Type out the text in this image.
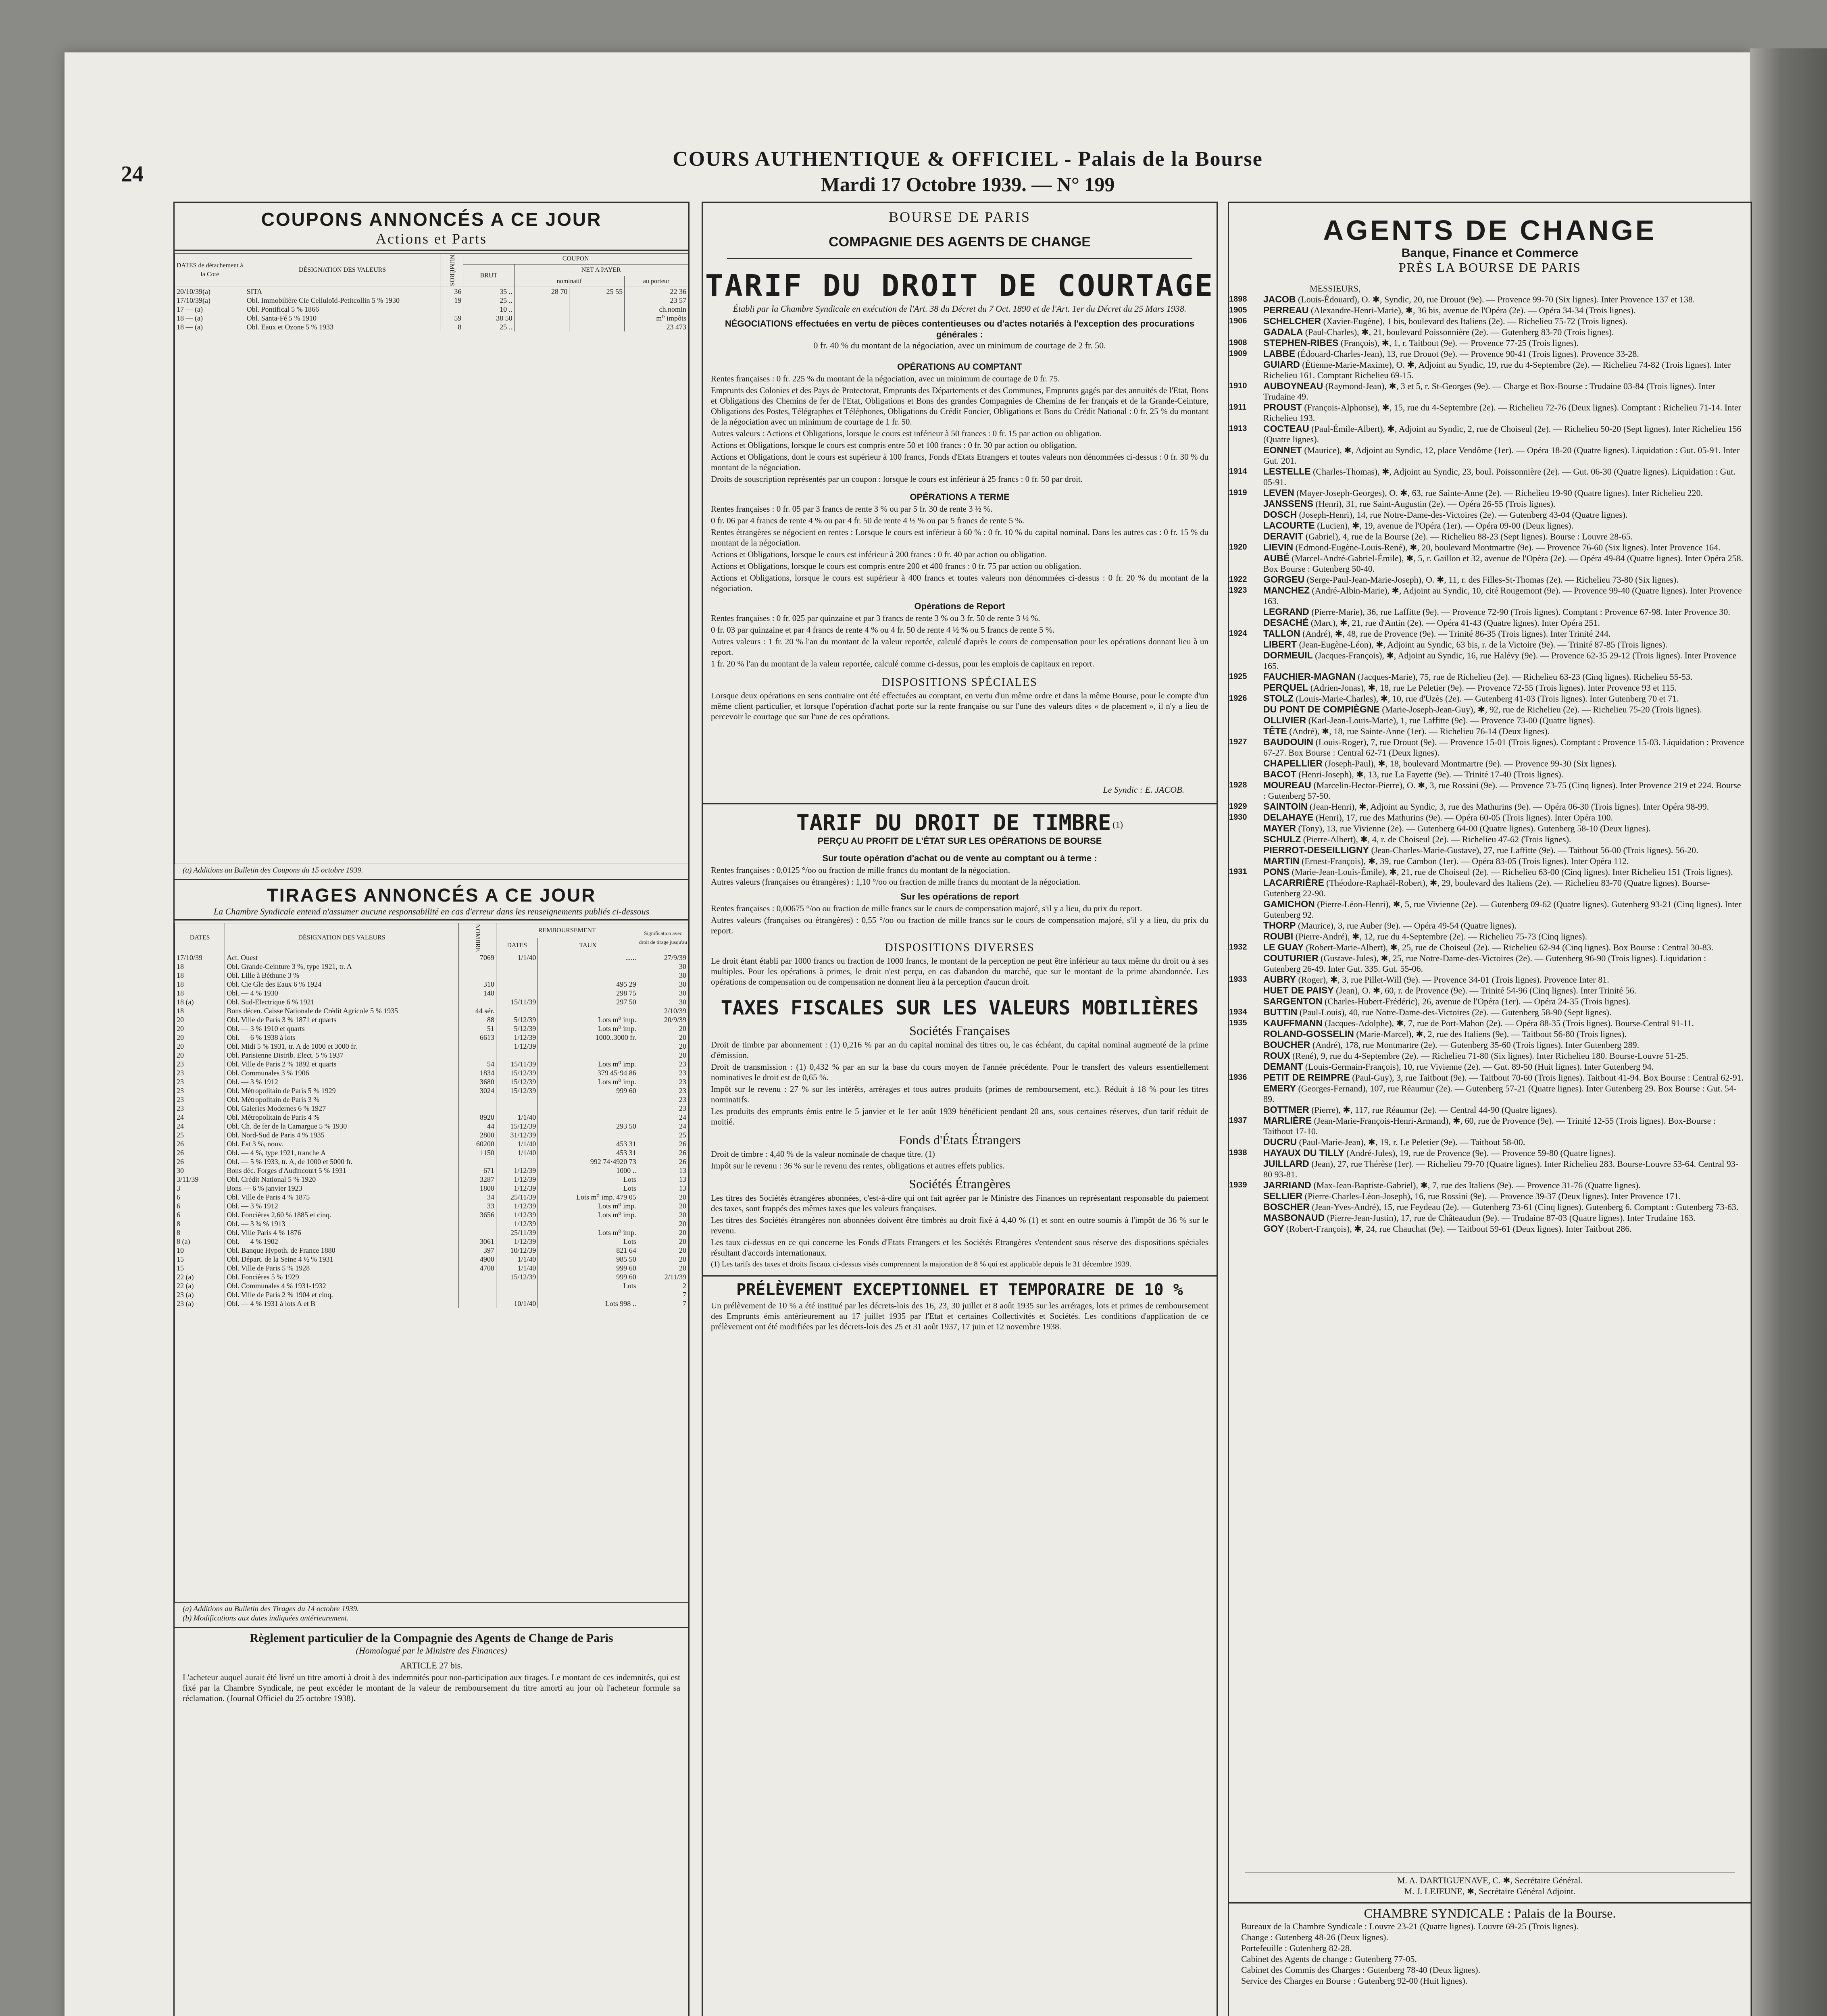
24
COURS AUTHENTIQUE & OFFICIEL - Palais de la Bourse
Mardi 17 Octobre 1939. — N° 199
COUPONS ANNONCÉS A CE JOUR
Actions et Parts
DATES de détachement à la Cote	DÉSIGNATION DES VALEURS	NUMÉROS	COUPON			
			BRUT	NET A PAYER		
				nominatif		au porteur
20/10/39(a)	SITA	36	35 ..	28 70	25 55	22 36
17/10/39(a)	Obl. Immobilière Cie Celluloïd-Petitcollin 5 % 1930	19	25 ..			23 57
17 — (a)	Obl. Pontifical 5 % 1866		10 ..			ch.nomin
18 — (a)	Obl. Santa-Fé 5 % 1910	59	38 50			m⁰ impôts
18 — (a)	Obl. Eaux et Ozone 5 % 1933	8	25 ..			23 473
(a) Additions au Bulletin des Coupons du 15 octobre 1939.
TIRAGES ANNONCÉS A CE JOUR
La Chambre Syndicale entend n'assumer aucune responsabilité en cas d'erreur dans les renseignements publiés ci-dessous
DATES	DÉSIGNATION DES VALEURS	NOMBRE	REMBOURSEMENT		Signification avec droit de tirage jusqu'au
			DATES	TAUX	
17/10/39	Act. Ouest	7069	1/1/40	......	27/9/39
18	Obl. Grande-Ceinture 3 %, type 1921, tr. A				30
18	Obl. Lille à Béthune 3 %				30
18	Obl. Cie Gle des Eaux 6 % 1924	310		495 29	30
18	Obl. — 4 % 1930	140		298 75	30
18 (a)	Obl. Sud-Electrique 6 % 1921		15/11/39	297 50	30
18	Bons décen. Caisse Nationale de Crédit Agricole 5 % 1935	44 sér.			2/10/39
20	Obl. Ville de Paris 3 % 1871 et quarts	88	5/12/39	Lots m⁰ imp.	20/9/39
20	Obl. — 3 % 1910 et quarts	51	5/12/39	Lots m⁰ imp.	20
20	Obl. — 6 % 1938 à lots	6613	1/12/39	1000..3000 fr.	20
20	Obl. Midi 5 % 1931, tr. A de 1000 et 3000 fr.		1/12/39		20
20	Obl. Parisienne Distrib. Elect. 5 % 1937				20
23	Obl. Ville de Paris 2 % 1892 et quarts	54	15/11/39	Lots m⁰ imp.	23
23	Obl. Communales 3 % 1906	1834	15/12/39	379 45·94 86	23
23	Obl. — 3 % 1912	3680	15/12/39	Lots m⁰ imp.	23
23	Obl. Métropolitain de Paris 5 % 1929	3024	15/12/39	999 60	23
23	Obl. Métropolitain de Paris 3 %				23
23	Obl. Galeries Modernes 6 % 1927				23
24	Obl. Métropolitain de Paris 4 %	8920	1/1/40		24
24	Obl. Ch. de fer de la Camargue 5 % 1930	44	15/12/39	293 50	24
25	Obl. Nord-Sud de Paris 4 % 1935	2800	31/12/39		25
26	Obl. Est 3 %, nouv.	60200	1/1/40	453 31	26
26	Obl. — 4 %, type 1921, tranche A	1150	1/1/40	453 31	26
26	Obl. — 5 % 1933, tr. A, de 1000 et 5000 fr.			992 74·4920 73	26
30	Bons déc. Forges d'Audincourt 5 % 1931	671	1/12/39	1000 ..	13
3/11/39	Obl. Crédit National 5 % 1920	3287	1/12/39	Lots	13
3	Bons — 6 % janvier 1923	1800	1/12/39	Lots	13
6	Obl. Ville de Paris 4 % 1875	34	25/11/39	Lots m⁰ imp. 479 05	20
6	Obl. — 3 % 1912	33	1/12/39	Lots m⁰ imp.	20
6	Obl. Foncières 2,60 % 1885 et cinq.	3656	1/12/39	Lots m⁰ imp.	20
8	Obl. — 3 ¾ % 1913		1/12/39		20
8	Obl. Ville Paris 4 % 1876		25/11/39	Lots m⁰ imp.	20
8 (a)	Obl. — 4 % 1902	3061	1/12/39	Lots	20
10	Obl. Banque Hypoth. de France 1880	397	10/12/39	821 64	20
15	Obl. Départ. de la Seine 4 ½ % 1931	4900	1/1/40	985 50	20
15	Obl. Ville de Paris 5 % 1928	4700	1/1/40	999 60	20
22 (a)	Obl. Foncières 5 % 1929		15/12/39	999 60	2/11/39
22 (a)	Obl. Communales 4 % 1931-1932			Lots	2
23 (a)	Obl. Ville de Paris 2 % 1904 et cinq.				7
23 (a)	Obl. — 4 % 1931 à lots A et B		10/1/40	Lots 998 ..	7
(a) Additions au Bulletin des Tirages du 14 octobre 1939.
(b) Modifications aux dates indiquées antérieurement.
Règlement particulier de la Compagnie des Agents de Change de Paris
(Homologué par le Ministre des Finances)
ARTICLE 27 bis.
L'acheteur auquel aurait été livré un titre amorti à droit à des indemnités pour non-participation aux tirages. Le montant de ces indemnités, qui est fixé par la Chambre Syndicale, ne peut excéder le montant de la valeur de remboursement du titre amorti au jour où l'acheteur formule sa réclamation. (Journal Officiel du 25 octobre 1938).
BOURSE DE PARIS
COMPAGNIE DES AGENTS DE CHANGE
TARIF DU DROIT DE COURTAGE
Établi par la Chambre Syndicale en exécution de l'Art. 38 du Décret du 7 Oct. 1890 et de l'Art. 1er du Décret du 25 Mars 1938.
NÉGOCIATIONS effectuées en vertu de pièces contentieuses ou d'actes notariés à l'exception des procurations générales :
0 fr. 40 % du montant de la négociation, avec un minimum de courtage de 2 fr. 50.
OPÉRATIONS AU COMPTANT
Rentes françaises : 0 fr. 225 % du montant de la négociation, avec un minimum de courtage de 0 fr. 75.
Emprunts des Colonies et des Pays de Protectorat, Emprunts des Départements et des Communes, Emprunts gagés par des annuités de l'Etat, Bons et Obligations des Chemins de fer de l'Etat, Obligations et Bons des grandes Compagnies de Chemins de fer français et de la Grande-Ceinture, Obligations des Postes, Télégraphes et Téléphones, Obligations du Crédit Foncier, Obligations et Bons du Crédit National : 0 fr. 25 % du montant de la négociation avec un minimum de courtage de 1 fr. 50.
Autres valeurs : Actions et Obligations, lorsque le cours est inférieur à 50 frances : 0 fr. 15 par action ou obligation.
Actions et Obligations, lorsque le cours est compris entre 50 et 100 francs : 0 fr. 30 par action ou obligation.
Actions et Obligations, dont le cours est supérieur à 100 francs, Fonds d'Etats Etrangers et toutes valeurs non dénommées ci-dessus : 0 fr. 30 % du montant de la négociation.
Droits de souscription représentés par un coupon : lorsque le cours est inférieur à 25 francs : 0 fr. 50 par droit.
OPÉRATIONS A TERME
Rentes françaises : 0 fr. 05 par 3 francs de rente 3 % ou par 5 fr. 30 de rente 3 ½ %.
0 fr. 06 par 4 francs de rente 4 % ou par 4 fr. 50 de rente 4 ½ % ou par 5 francs de rente 5 %.
Rentes étrangères se négocient en rentes : Lorsque le cours est inférieur à 60 % : 0 fr. 10 % du capital nominal. Dans les autres cas : 0 fr. 15 % du montant de la négociation.
Actions et Obligations, lorsque le cours est inférieur à 200 francs : 0 fr. 40 par action ou obligation.
Actions et Obligations, lorsque le cours est compris entre 200 et 400 francs : 0 fr. 75 par action ou obligation.
Actions et Obligations, lorsque le cours est supérieur à 400 francs et toutes valeurs non dénommées ci-dessus : 0 fr. 20 % du montant de la négociation.
Opérations de Report
Rentes françaises : 0 fr. 025 par quinzaine et par 3 francs de rente 3 % ou 3 fr. 50 de rente 3 ½ %.
0 fr. 03 par quinzaine et par 4 francs de rente 4 % ou 4 fr. 50 de rente 4 ½ % ou 5 francs de rente 5 %.
Autres valeurs : 1 fr. 20 % l'an du montant de la valeur reportée, calculé d'après le cours de compensation pour les opérations donnant lieu à un report.
1 fr. 20 % l'an du montant de la valeur reportée, calculé comme ci-dessus, pour les emplois de capitaux en report.
DISPOSITIONS SPÉCIALES
Lorsque deux opérations en sens contraire ont été effectuées au comptant, en vertu d'un même ordre et dans la même Bourse, pour le compte d'un même client particulier, et lorsque l'opération d'achat porte sur la rente française ou sur l'une des valeurs dites « de placement », il n'y a lieu de percevoir le courtage que sur l'une de ces opérations.
Le Syndic : E. JACOB.
TARIF DU DROIT DE TIMBRE $^{(1)}$
PERÇU AU PROFIT DE L'ÉTAT SUR LES OPÉRATIONS DE BOURSE
Sur toute opération d'achat ou de vente au comptant ou à terme :
Rentes françaises : 0,0125 °/oo ou fraction de mille francs du montant de la négociation.
Autres valeurs (françaises ou étrangères) : 1,10 °/oo ou fraction de mille francs du montant de la négociation.
Sur les opérations de report
Rentes françaises : 0,00675 °/oo ou fraction de mille francs sur le cours de compensation majoré, s'il y a lieu, du prix du report.
Autres valeurs (françaises ou étrangères) : 0,55 °/oo ou fraction de mille francs sur le cours de compensation majoré, s'il y a lieu, du prix du report.
DISPOSITIONS DIVERSES
Le droit étant établi par 1000 francs ou fraction de 1000 francs, le montant de la perception ne peut être inférieur au taux même du droit ou à ses multiples. Pour les opérations à primes, le droit n'est perçu, en cas d'abandon du marché, que sur le montant de la prime abandonnée. Les opérations de compensation ou de compensation ne donnent lieu à la perception d'aucun droit.
TAXES FISCALES SUR LES VALEURS MOBILIÈRES
Sociétés Françaises
Droit de timbre par abonnement : (1) 0,216 % par an du capital nominal des titres ou, le cas échéant, du capital nominal augmenté de la prime d'émission.
Droit de transmission : (1) 0,432 % par an sur la base du cours moyen de l'année précédente. Pour le transfert des valeurs essentiellement nominatives le droit est de 0,65 %.
Impôt sur le revenu : 27 % sur les intérêts, arrérages et tous autres produits (primes de remboursement, etc.). Réduit à 18 % pour les titres nominatifs.
Les produits des emprunts émis entre le 5 janvier et le 1er août 1939 bénéficient pendant 20 ans, sous certaines réserves, d'un tarif réduit de moitié.
Fonds d'États Étrangers
Droit de timbre : 4,40 % de la valeur nominale de chaque titre. (1)
Impôt sur le revenu : 36 % sur le revenu des rentes, obligations et autres effets publics.
Sociétés Étrangères
Les titres des Sociétés étrangères abonnées, c'est-à-dire qui ont fait agréer par le Ministre des Finances un représentant responsable du paiement des taxes, sont frappés des mêmes taxes que les valeurs françaises.
Les titres des Sociétés étrangères non abonnées doivent être timbrés au droit fixé à 4,40 % (1) et sont en outre soumis à l'impôt de 36 % sur le revenu.
Les taux ci-dessus en ce qui concerne les Fonds d'Etats Etrangers et les Sociétés Etrangères s'entendent sous réserve des dispositions spéciales résultant d'accords internationaux.
(1) Les tarifs des taxes et droits fiscaux ci-dessus visés comprennent la majoration de 8 % qui est applicable depuis le 31 décembre 1939.
PRÉLÈVEMENT EXCEPTIONNEL ET TEMPORAIRE DE 10 %
Un prélèvement de 10 % a été institué par les décrets-lois des 16, 23, 30 juillet et 8 août 1935 sur les arrérages, lots et primes de remboursement des Emprunts émis antérieurement au 17 juillet 1935 par l'Etat et certaines Collectivités et Sociétés. Les conditions d'application de ce prélèvement ont été modifiées par les décrets-lois des 25 et 31 août 1937, 17 juin et 12 novembre 1938.
AGENTS DE CHANGE
Banque, Finance et Commerce
PRÈS LA BOURSE DE PARIS
MESSIEURS,
1898	JACOB (Louis-Édouard), O. ✱, Syndic, 20, rue Drouot (9e). — Provence 99-70 (Six lignes). Inter Provence 137 et 138.
1905	PERREAU (Alexandre-Henri-Marie), ✱, 36 bis, avenue de l'Opéra (2e). — Opéra 34-34 (Trois lignes).
1906	SCHELCHER (Xavier-Eugène), 1 bis, boulevard des Italiens (2e). — Richelieu 75-72 (Trois lignes).
GADALA (Paul-Charles), ✱, 21, boulevard Poissonnière (2e). — Gutenberg 83-70 (Trois lignes).
1908	STEPHEN-RIBES (François), ✱, 1, r. Taitbout (9e). — Provence 77-25 (Trois lignes).
1909	LABBE (Édouard-Charles-Jean), 13, rue Drouot (9e). — Provence 90-41 (Trois lignes). Provence 33-28.
GUIARD (Étienne-Marie-Maxime), O. ✱, Adjoint au Syndic, 19, rue du 4-Septembre (2e). — Richelieu 74-82 (Trois lignes). Inter Richelieu 161. Comptant Richelieu 69-15.
1910	AUBOYNEAU (Raymond-Jean), ✱, 3 et 5, r. St-Georges (9e). — Charge et Box-Bourse : Trudaine 03-84 (Trois lignes). Inter Trudaine 49.
1911	PROUST (François-Alphonse), ✱, 15, rue du 4-Septembre (2e). — Richelieu 72-76 (Deux lignes). Comptant : Richelieu 71-14. Inter Richelieu 193.
1913	COCTEAU (Paul-Émile-Albert), ✱, Adjoint au Syndic, 2, rue de Choiseul (2e). — Richelieu 50-20 (Sept lignes). Inter Richelieu 156 (Quatre lignes).
EONNET (Maurice), ✱, Adjoint au Syndic, 12, place Vendôme (1er). — Opéra 18-20 (Quatre lignes). Liquidation : Gut. 05-91. Inter Gut. 201.
1914	LESTELLE (Charles-Thomas), ✱, Adjoint au Syndic, 23, boul. Poissonnière (2e). — Gut. 06-30 (Quatre lignes). Liquidation : Gut. 05-91.
1919	LEVEN (Mayer-Joseph-Georges), O. ✱, 63, rue Sainte-Anne (2e). — Richelieu 19-90 (Quatre lignes). Inter Richelieu 220.
JANSSENS (Henri), 31, rue Saint-Augustin (2e). — Opéra 26-55 (Trois lignes).
DOSCH (Joseph-Henri), 14, rue Notre-Dame-des-Victoires (2e). — Gutenberg 43-04 (Quatre lignes).
LACOURTE (Lucien), ✱, 19, avenue de l'Opéra (1er). — Opéra 09-00 (Deux lignes).
DERAVIT (Gabriel), 4, rue de la Bourse (2e). — Richelieu 88-23 (Sept lignes). Bourse : Louvre 28-65.
1920	LIEVIN (Edmond-Eugène-Louis-René), ✱, 20, boulevard Montmartre (9e). — Provence 76-60 (Six lignes). Inter Provence 164.
AUBÉ (Marcel-André-Gabriel-Émile), ✱, 5, r. Gaillon et 32, avenue de l'Opéra (2e). — Opéra 49-84 (Quatre lignes). Inter Opéra 258. Box Bourse : Gutenberg 50-40.
1922	GORGEU (Serge-Paul-Jean-Marie-Joseph), O. ✱, 11, r. des Filles-St-Thomas (2e). — Richelieu 73-80 (Six lignes).
1923	MANCHEZ (André-Albin-Marie), ✱, Adjoint au Syndic, 10, cité Rougemont (9e). — Provence 99-40 (Quatre lignes). Inter Provence 163.
LEGRAND (Pierre-Marie), 36, rue Laffitte (9e). — Provence 72-90 (Trois lignes). Comptant : Provence 67-98. Inter Provence 30.
DESACHÉ (Marc), ✱, 21, rue d'Antin (2e). — Opéra 41-43 (Quatre lignes). Inter Opéra 251.
1924	TALLON (André), ✱, 48, rue de Provence (9e). — Trinité 86-35 (Trois lignes). Inter Trinité 244.
LIBERT (Jean-Eugène-Léon), ✱, Adjoint au Syndic, 63 bis, r. de la Victoire (9e). — Trinité 87-85 (Trois lignes).
DORMEUIL (Jacques-François), ✱, Adjoint au Syndic, 16, rue Halévy (9e). — Provence 62-35 29-12 (Trois lignes). Inter Provence 165.
1925	FAUCHIER-MAGNAN (Jacques-Marie), 75, rue de Richelieu (2e). — Richelieu 63-23 (Cinq lignes). Richelieu 55-53.
PERQUEL (Adrien-Jonas), ✱, 18, rue Le Peletier (9e). — Provence 72-55 (Trois lignes). Inter Provence 93 et 115.
1926	STOLZ (Louis-Marie-Charles), ✱, 10, rue d'Uzès (2e). — Gutenberg 41-03 (Trois lignes). Inter Gutenberg 70 et 71.
DU PONT DE COMPIÈGNE (Marie-Joseph-Jean-Guy), ✱, 92, rue de Richelieu (2e). — Richelieu 75-20 (Trois lignes).
OLLIVIER (Karl-Jean-Louis-Marie), 1, rue Laffitte (9e). — Provence 73-00 (Quatre lignes).
TÊTE (André), ✱, 18, rue Sainte-Anne (1er). — Richelieu 76-14 (Deux lignes).
1927	BAUDOUIN (Louis-Roger), 7, rue Drouot (9e). — Provence 15-01 (Trois lignes). Comptant : Provence 15-03. Liquidation : Provence 67-27. Box Bourse : Central 62-71 (Deux lignes).
CHAPELLIER (Joseph-Paul), ✱, 18, boulevard Montmartre (9e). — Provence 99-30 (Six lignes).
BACOT (Henri-Joseph), ✱, 13, rue La Fayette (9e). — Trinité 17-40 (Trois lignes).
1928	MOUREAU (Marcelin-Hector-Pierre), O. ✱, 3, rue Rossini (9e). — Provence 73-75 (Cinq lignes). Inter Provence 219 et 224. Bourse : Gutenberg 57-50.
1929	SAINTOIN (Jean-Henri), ✱, Adjoint au Syndic, 3, rue des Mathurins (9e). — Opéra 06-30 (Trois lignes). Inter Opéra 98-99.
1930	DELAHAYE (Henri), 17, rue des Mathurins (9e). — Opéra 60-05 (Trois lignes). Inter Opéra 100.
MAYER (Tony), 13, rue Vivienne (2e). — Gutenberg 64-00 (Quatre lignes). Gutenberg 58-10 (Deux lignes).
SCHULZ (Pierre-Albert), ✱, 4, r. de Choiseul (2e). — Richelieu 47-62 (Trois lignes).
PIERROT-DESEILLIGNY (Jean-Charles-Marie-Gustave), 27, rue Laffitte (9e). — Taitbout 56-00 (Trois lignes). 56-20.
MARTIN (Ernest-François), ✱, 39, rue Cambon (1er). — Opéra 83-05 (Trois lignes). Inter Opéra 112.
1931	PONS (Marie-Jean-Louis-Émile), ✱, 21, rue de Choiseul (2e). — Richelieu 63-00 (Cinq lignes). Inter Richelieu 151 (Trois lignes).
LACARRIÈRE (Théodore-Raphaël-Robert), ✱, 29, boulevard des Italiens (2e). — Richelieu 83-70 (Quatre lignes). Bourse-Gutenberg 22-90.
GAMICHON (Pierre-Léon-Henri), ✱, 5, rue Vivienne (2e). — Gutenberg 09-62 (Quatre lignes). Gutenberg 93-21 (Cinq lignes). Inter Gutenberg 92.
THORP (Maurice), 3, rue Auber (9e). — Opéra 49-54 (Quatre lignes).
ROUBI (Pierre-André), ✱, 12, rue du 4-Septembre (2e). — Richelieu 75-73 (Cinq lignes).
1932	LE GUAY (Robert-Marie-Albert), ✱, 25, rue de Choiseul (2e). — Richelieu 62-94 (Cinq lignes). Box Bourse : Central 30-83.
COUTURIER (Gustave-Jules), ✱, 25, rue Notre-Dame-des-Victoires (2e). — Gutenberg 96-90 (Trois lignes). Liquidation : Gutenberg 26-49. Inter Gut. 335. Gut. 55-06.
1933	AUBRY (Roger), ✱, 3, rue Pillet-Will (9e). — Provence 34-01 (Trois lignes). Provence Inter 81.
HUET DE PAISY (Jean), O. ✱, 60, r. de Provence (9e). — Trinité 54-96 (Cinq lignes). Inter Trinité 56.
SARGENTON (Charles-Hubert-Frédéric), 26, avenue de l'Opéra (1er). — Opéra 24-35 (Trois lignes).
1934	BUTTIN (Paul-Louis), 40, rue Notre-Dame-des-Victoires (2e). — Gutenberg 58-90 (Sept lignes).
1935	KAUFFMANN (Jacques-Adolphe), ✱, 7, rue de Port-Mahon (2e). — Opéra 88-35 (Trois lignes). Bourse-Central 91-11.
ROLAND-GOSSELIN (Marie-Marcel), ✱, 2, rue des Italiens (9e). — Taitbout 56-80 (Trois lignes).
BOUCHER (André), 178, rue Montmartre (2e). — Gutenberg 35-60 (Trois lignes). Inter Gutenberg 289.
ROUX (René), 9, rue du 4-Septembre (2e). — Richelieu 71-80 (Six lignes). Inter Richelieu 180. Bourse-Louvre 51-25.
DEMANT (Louis-Germain-François), 10, rue Vivienne (2e). — Gut. 89-50 (Huit lignes). Inter Gutenberg 94.
1936	PETIT DE REIMPRE (Paul-Guy), 3, rue Taitbout (9e). — Taitbout 70-60 (Trois lignes). Taitbout 41-94. Box Bourse : Central 62-91.
EMERY (Georges-Fernand), 107, rue Réaumur (2e). — Gutenberg 57-21 (Quatre lignes). Inter Gutenberg 29. Box Bourse : Gut. 54-89.
BOTTMER (Pierre), ✱, 117, rue Réaumur (2e). — Central 44-90 (Quatre lignes).
1937	MARLIÈRE (Jean-Marie-François-Henri-Armand), ✱, 60, rue de Provence (9e). — Trinité 12-55 (Trois lignes). Box-Bourse : Taitbout 17-10.
DUCRU (Paul-Marie-Jean), ✱, 19, r. Le Peletier (9e). — Taitbout 58-00.
1938	HAYAUX DU TILLY (André-Jules), 19, rue de Provence (9e). — Provence 59-80 (Quatre lignes).
JUILLARD (Jean), 27, rue Thérèse (1er). — Richelieu 79-70 (Quatre lignes). Inter Richelieu 283. Bourse-Louvre 53-64. Central 93-80 93-81.
1939	JARRIAND (Max-Jean-Baptiste-Gabriel), ✱, 7, rue des Italiens (9e). — Provence 31-76 (Quatre lignes).
SELLIER (Pierre-Charles-Léon-Joseph), 16, rue Rossini (9e). — Provence 39-37 (Deux lignes). Inter Provence 171.
BOSCHER (Jean-Yves-André), 15, rue Feydeau (2e). — Gutenberg 73-61 (Cinq lignes). Gutenberg 6. Comptant : Gutenberg 73-63.
MASBONAUD (Pierre-Jean-Justin), 17, rue de Châteaudun (9e). — Trudaine 87-03 (Quatre lignes). Inter Trudaine 163.
GOY (Robert-François), ✱, 24, rue Chauchat (9e). — Taitbout 59-61 (Deux lignes). Inter Taitbout 286.
M. A. DARTIGUENAVE, C. ✱, Secrétaire Général.
M. J. LEJEUNE, ✱, Secrétaire Général Adjoint.
CHAMBRE SYNDICALE : Palais de la Bourse.
Bureaux de la Chambre Syndicale : Louvre 23-21 (Quatre lignes). Louvre 69-25 (Trois lignes).
Change : Gutenberg 48-26 (Deux lignes).
Portefeuille : Gutenberg 82-28.
Cabinet des Agents de change : Gutenberg 77-05.
Cabinet des Commis des Charges : Gutenberg 78-40 (Deux lignes).
Service des Charges en Bourse : Gutenberg 92-00 (Huit lignes).
